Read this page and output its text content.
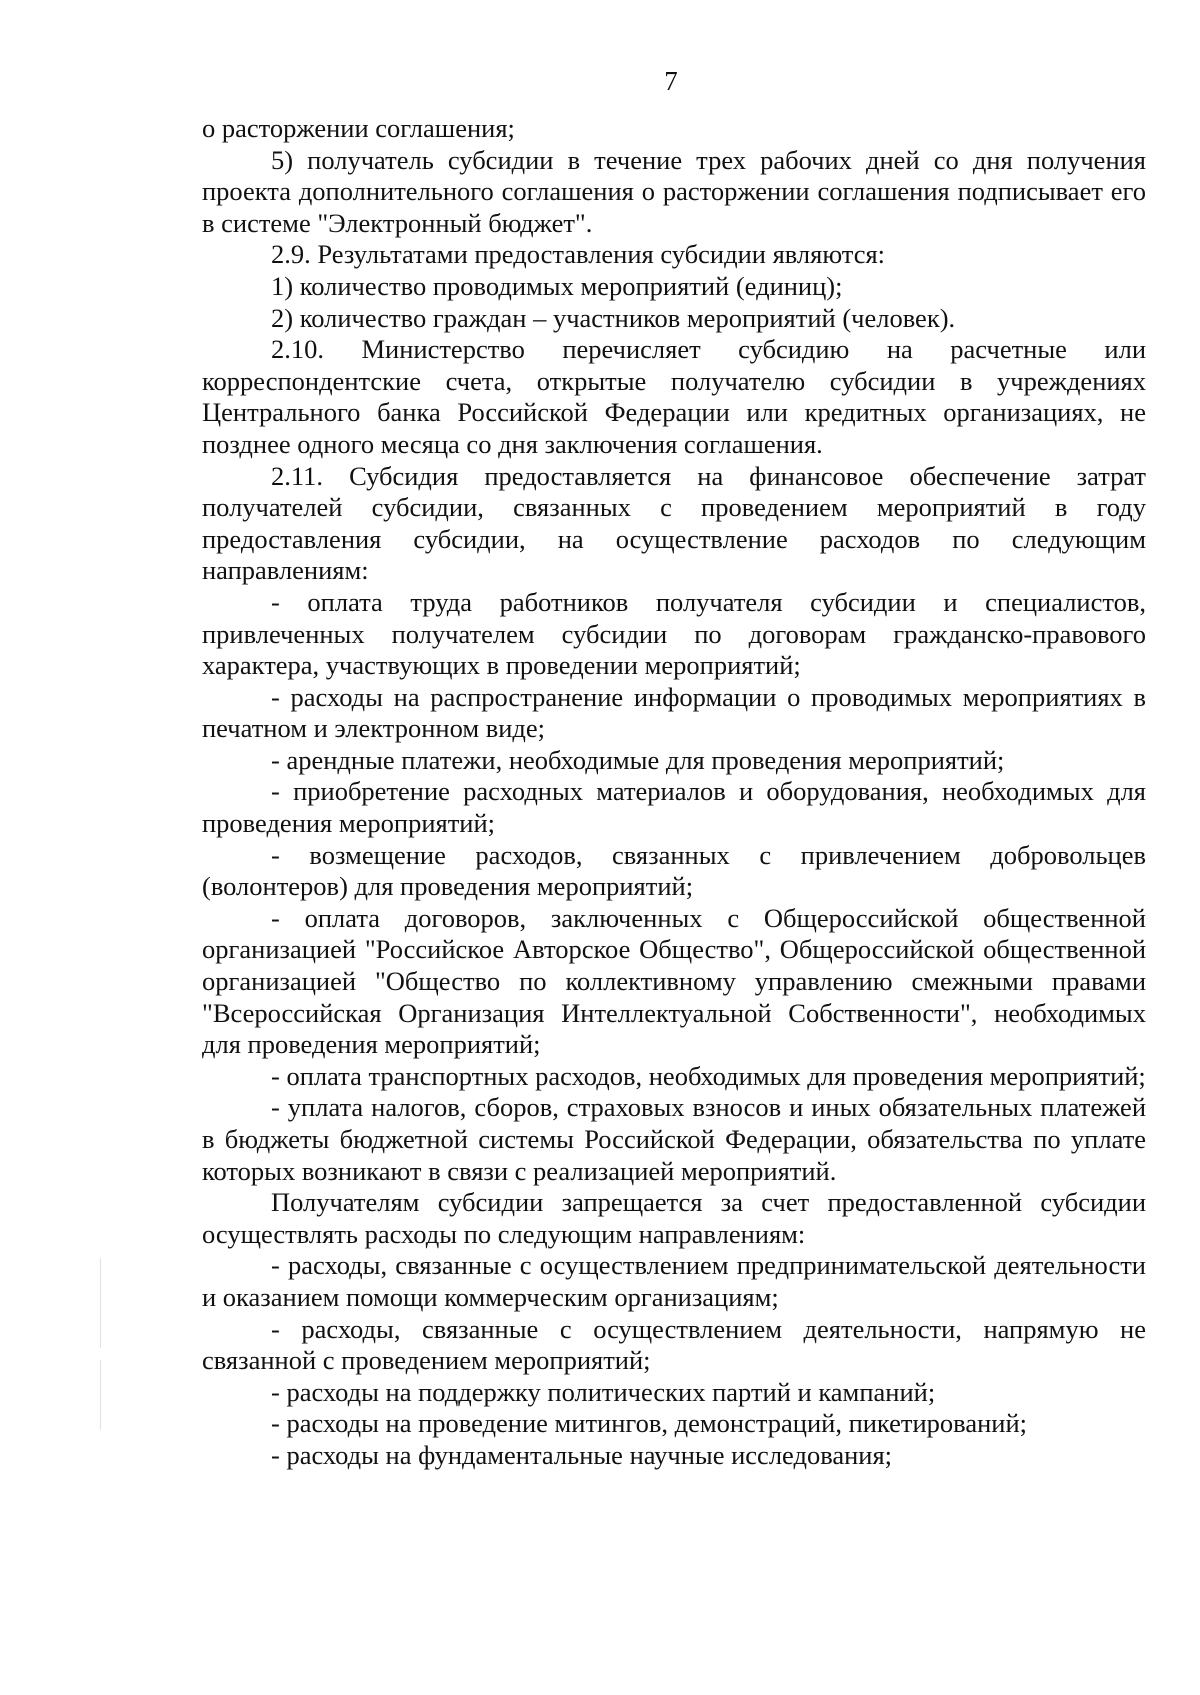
7

о расторжении соглашения;

5) получатель субсидии в течение трех рабочих дней со дня получения проекта дополнительного соглашения о расторжении соглашения подписывает его в системе "Электронный бюджет".

2.9. Результатами предоставления субсидии являются:

1) количество проводимых мероприятий (единиц);

2) количество граждан – участников мероприятий (человек).

2.10. Министерство перечисляет субсидию на расчетные или корреспондентские счета, открытые получателю субсидии в учреждениях Центрального банка Российской Федерации или кредитных организациях, не позднее одного месяца со дня заключения соглашения.

2.11. Субсидия предоставляется на финансовое обеспечение затрат получателей субсидии, связанных с проведением мероприятий в году предоставления субсидии, на осуществление расходов по следующим направлениям:

- оплата труда работников получателя субсидии и специалистов, привлеченных получателем субсидии по договорам гражданско-правового характера, участвующих в проведении мероприятий;

- расходы на распространение информации о проводимых мероприятиях в печатном и электронном виде;

- арендные платежи, необходимые для проведения мероприятий;

- приобретение расходных материалов и оборудования, необходимых для проведения мероприятий;

- возмещение расходов, связанных с привлечением добровольцев (волонтеров) для проведения мероприятий;

- оплата договоров, заключенных с Общероссийской общественной организацией "Российское Авторское Общество", Общероссийской общественной организацией "Общество по коллективному управлению смежными правами "Всероссийская Организация Интеллектуальной Собственности", необходимых для проведения мероприятий;

- оплата транспортных расходов, необходимых для проведения мероприятий;

- уплата налогов, сборов, страховых взносов и иных обязательных платежей в бюджеты бюджетной системы Российской Федерации, обязательства по уплате которых возникают в связи с реализацией мероприятий.

Получателям субсидии запрещается за счет предоставленной субсидии осуществлять расходы по следующим направлениям:

- расходы, связанные с осуществлением предпринимательской деятельности и оказанием помощи коммерческим организациям;

- расходы, связанные с осуществлением деятельности, напрямую не связанной с проведением мероприятий;

- расходы на поддержку политических партий и кампаний;

- расходы на проведение митингов, демонстраций, пикетирований;

- расходы на фундаментальные научные исследования;
